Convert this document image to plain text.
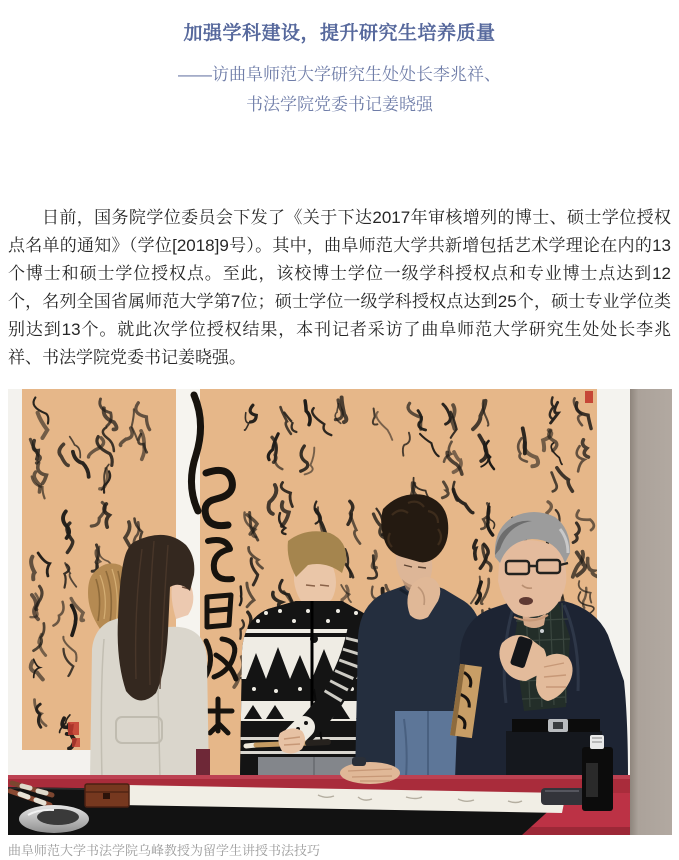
加强学科建设，提升研究生培养质量
——访曲阜师范大学研究生处处长李兆祥、
书法学院党委书记姜晓强
日前，国务院学位委员会下发了《关于下达2017年审核增列的博士、硕士学位授权点名单的通知》（学位[2018]9号）。其中，曲阜师范大学共新增包括艺术学理论在内的13个博士和硕士学位授权点。至此，该校博士学位一级学科授权点和专业博士点达到12个，名列全国省属师范大学第7位；硕士学位一级学科授权点达到25个，硕士专业学位类别达到13个。就此次学位授权结果，本刊记者采访了曲阜师范大学研究生处处长李兆祥、书法学院党委书记姜晓强。
曲阜师范大学书法学院乌峰教授为留学生讲授书法技巧
